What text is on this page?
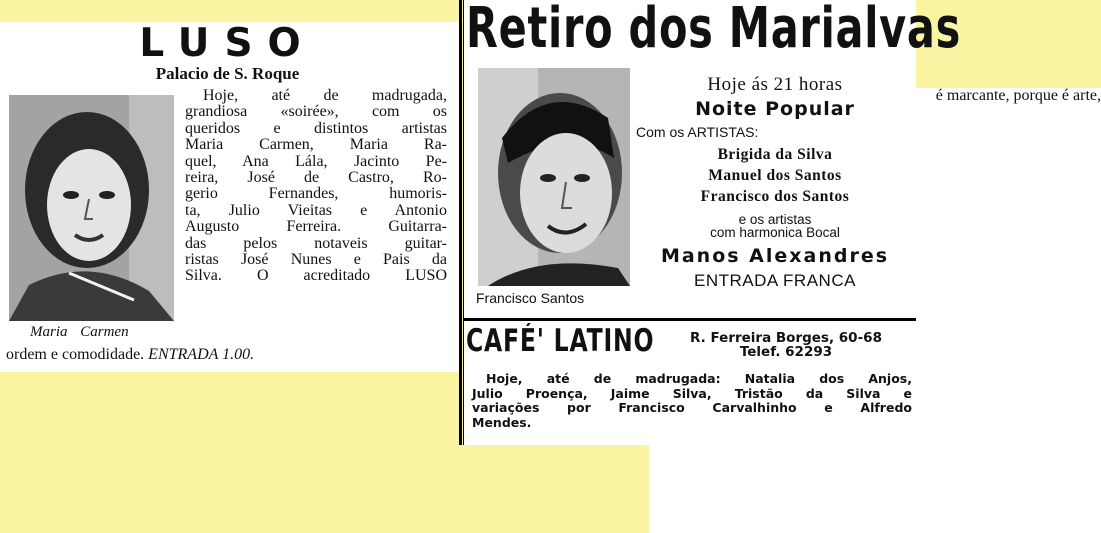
LUSO
Palacio de S. Roque
Maria Carmen

Hoje, até de madrugada,

grandiosa «soirée», com os

queridos e distintos artistas

Maria Carmen, Maria Ra-

quel, Ana Lála, Jacinto Pe-

reira, José de Castro, Ro-

gerio Fernandes, humoris-

ta, Julio Vieitas e Antonio

Augusto Ferreira. Guitarra-

das pelos notaveis guitar-

ristas José Nunes e Pais da

Silva. O acreditado LUSO

é marcante, porque é arte,

ordem e comodidade. ENTRADA 1.00.
Retiro dos Marialvas
Francisco Santos
Hoje ás 21 horas
Noite Popular
Com os ARTISTAS:
Brigida da Silva
Manuel dos Santos
Francisco dos Santos
e os artistas
com harmonica Bocal
Manos Alexandres
ENTRADA FRANCA
CAFÉ' LATINO	R. Ferreira Borges, 60-68
Telef. 62293

Hoje, até de madrugada: Natalia dos Anjos,

Julio Proença, Jaime Silva, Tristão da Silva e

variações por Francisco Carvalhinho e Alfredo

Mendes.
